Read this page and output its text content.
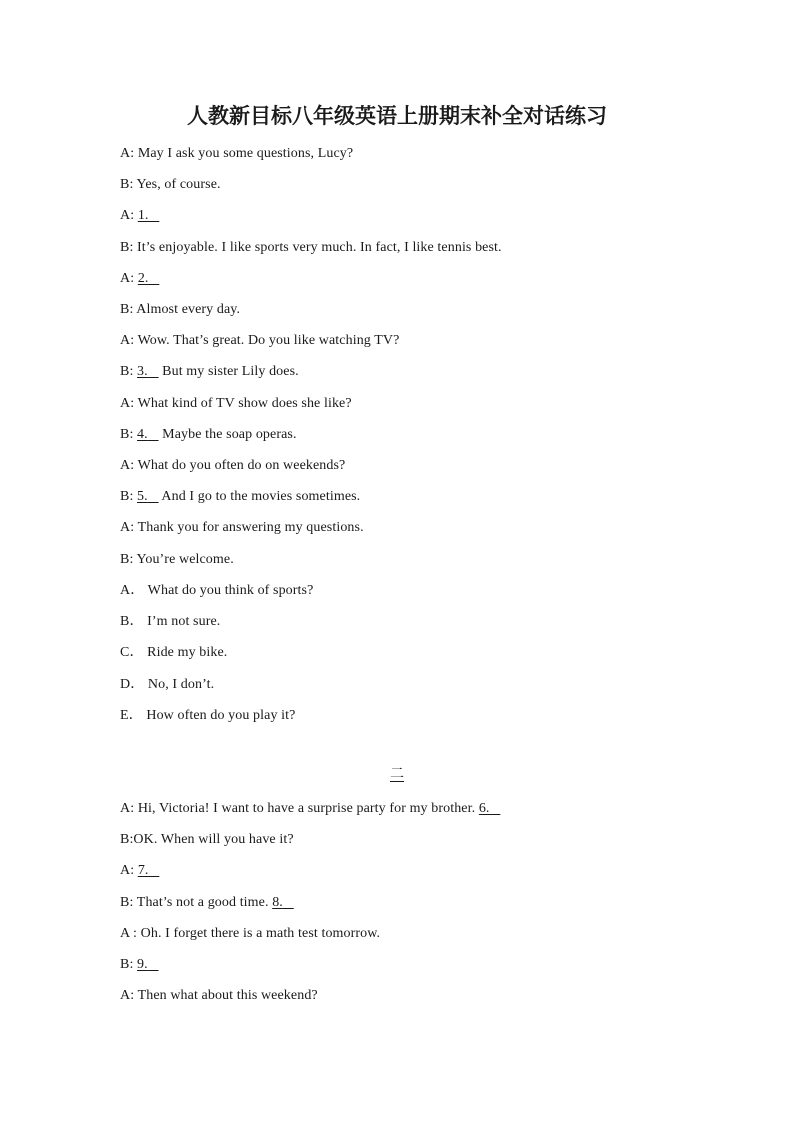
人教新目标八年级英语上册期末补全对话练习
A: May I ask you some questions, Lucy?
B: Yes, of course.
A: 1.
B: It’s enjoyable. I like sports very much. In fact, I like tennis best.
A: 2.
B: Almost every day.
A: Wow. That’s great. Do you like watching TV?
B: 3. But my sister Lily does.
A: What kind of TV show does she like?
B: 4. Maybe the soap operas.
A: What do you often do on weekends?
B: 5. And I go to the movies sometimes.
A: Thank you for answering my questions.
B: You’re welcome.
A． What do you think of sports?
B． I’m not sure.
C． Ride my bike.
D． No, I don’t.
E． How often do you play it?
二
A: Hi, Victoria! I want to have a surprise party for my brother. 6.
B:OK. When will you have it?
A: 7.
B: That’s not a good time. 8.
A : Oh. I forget there is a math test tomorrow.
B: 9.
A: Then what about this weekend?
